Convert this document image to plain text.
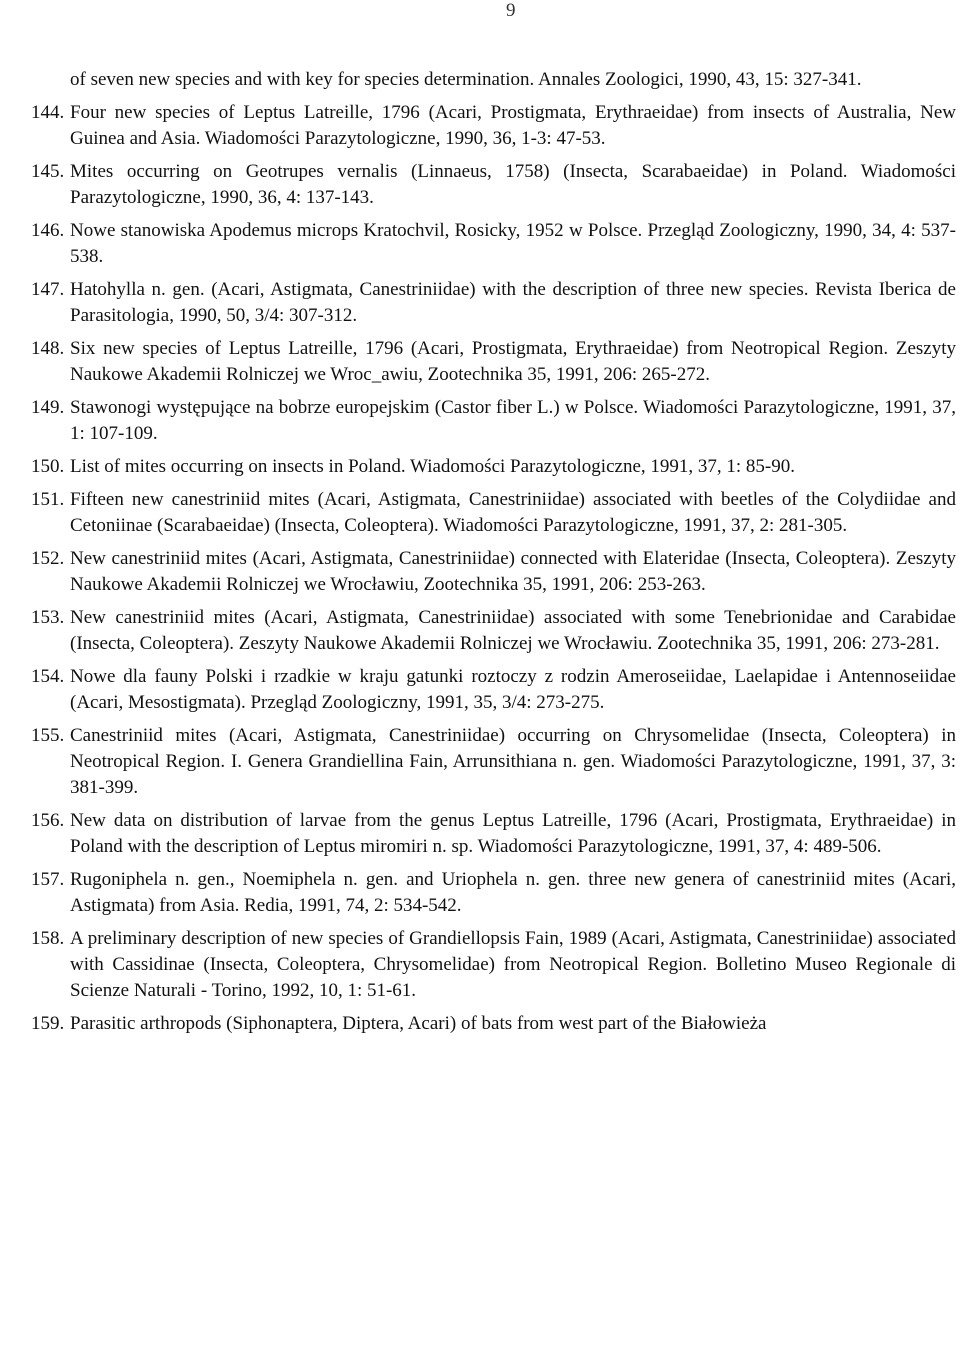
9
of seven new species and with key for species determination. Annales Zoologici, 1990, 43, 15: 327-341.
144. Four new species of Leptus Latreille, 1796 (Acari, Prostigmata, Erythraeidae) from insects of Australia, New Guinea and Asia. Wiadomości Parazytologiczne, 1990, 36, 1-3: 47-53.
145. Mites occurring on Geotrupes vernalis (Linnaeus, 1758) (Insecta, Scarabaeidae) in Poland. Wiadomości Parazytologiczne, 1990, 36, 4: 137-143.
146. Nowe stanowiska Apodemus microps Kratochvil, Rosicky, 1952 w Polsce. Przegląd Zoologiczny, 1990, 34, 4: 537- 538.
147. Hatohylla n. gen. (Acari, Astigmata, Canestriniidae) with the description of three new species. Revista Iberica de Parasitologia, 1990, 50, 3/4: 307-312.
148. Six new species of Leptus Latreille, 1796 (Acari, Prostigmata, Erythraeidae) from Neotropical Region. Zeszyty Naukowe Akademii Rolniczej we Wroc_awiu, Zootechnika 35, 1991, 206: 265-272.
149. Stawonogi występujące na bobrze europejskim (Castor fiber L.) w Polsce. Wiadomości Parazytologiczne, 1991, 37, 1: 107-109.
150. List of mites occurring on insects in Poland. Wiadomości Parazytologiczne, 1991, 37, 1: 85-90.
151. Fifteen new canestriniid mites (Acari, Astigmata, Canestriniidae) associated with beetles of the Colydiidae and Cetoniinae (Scarabaeidae) (Insecta, Coleoptera). Wiadomości Parazytologiczne, 1991, 37, 2: 281-305.
152. New canestriniid mites (Acari, Astigmata, Canestriniidae) connected with Elateridae (Insecta, Coleoptera). Zeszyty Naukowe Akademii Rolniczej we Wrocławiu, Zootechnika 35, 1991, 206: 253-263.
153. New canestriniid mites (Acari, Astigmata, Canestriniidae) associated with some Tenebrionidae and Carabidae (Insecta, Coleoptera). Zeszyty Naukowe Akademii Rolniczej we Wrocławiu. Zootechnika 35, 1991, 206: 273-281.
154. Nowe dla fauny Polski i rzadkie w kraju gatunki roztoczy z rodzin Ameroseiidae, Laelapidae i Antennoseiidae (Acari, Mesostigmata). Przegląd Zoologiczny, 1991, 35, 3/4: 273-275.
155. Canestriniid mites (Acari, Astigmata, Canestriniidae) occurring on Chrysomelidae (Insecta, Coleoptera) in Neotropical Region. I. Genera Grandiellina Fain, Arrunsithiana n. gen. Wiadomości Parazytologiczne, 1991, 37, 3: 381-399.
156. New data on distribution of larvae from the genus Leptus Latreille, 1796 (Acari, Prostigmata, Erythraeidae) in Poland with the description of Leptus miromiri n. sp. Wiadomości Parazytologiczne, 1991, 37, 4: 489-506.
157. Rugoniphela n. gen., Noemiphela n. gen. and Uriophela n. gen. three new genera of canestriniid mites (Acari, Astigmata) from Asia. Redia, 1991, 74, 2: 534-542.
158. A preliminary description of new species of Grandiellopsis Fain, 1989 (Acari, Astigmata, Canestriniidae) associated with Cassidinae (Insecta, Coleoptera, Chrysomelidae) from Neotropical Region. Bolletino Museo Regionale di Scienze Naturali - Torino, 1992, 10, 1: 51-61.
159. Parasitic arthropods (Siphonaptera, Diptera, Acari) of bats from west part of the Białowieża
